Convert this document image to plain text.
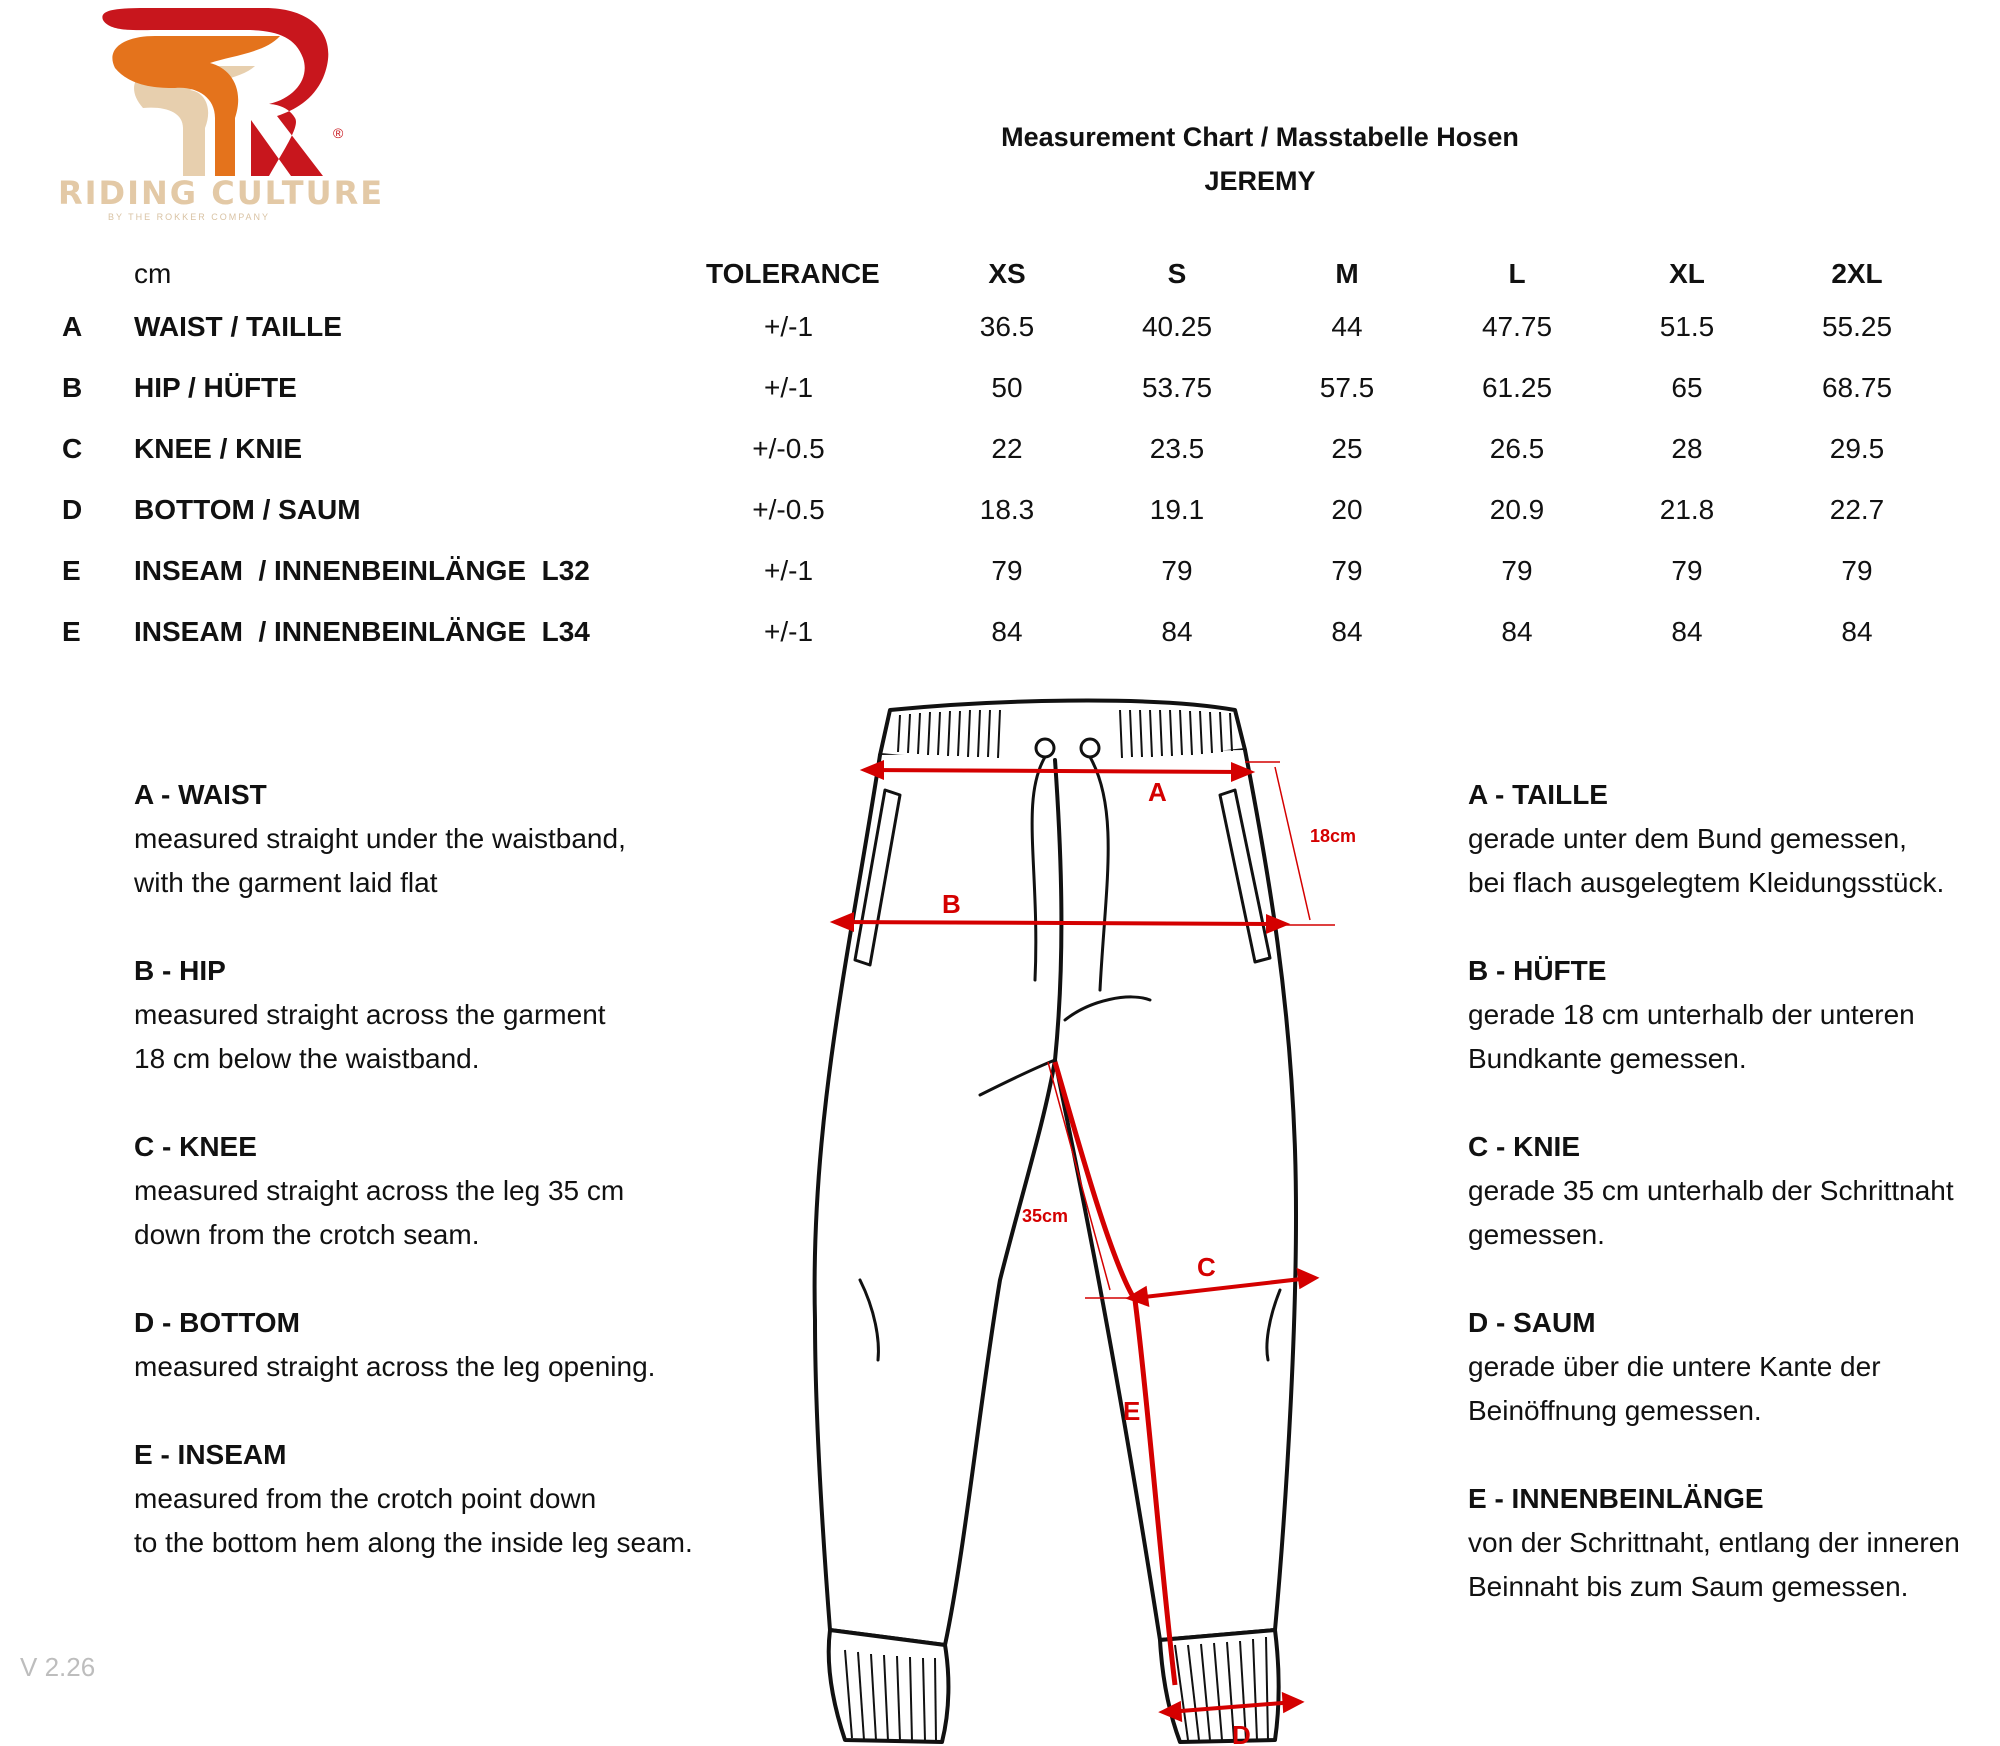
®
RIDING CULTURE
BY THE ROKKER COMPANY
Measurement Chart / Masstabelle Hosen
JEREMY
cm	TOLERANCE	XS	S	M	L	XL	2XL
A WAIST / TAILLE	+/-1	36.5	40.25	44	47.75	51.5	55.25
B HIP / HÜFTE	+/-1	50	53.75	57.5	61.25	65	68.75
C KNEE / KNIE	+/-0.5	22	23.5	25	26.5	28	29.5
D BOTTOM / SAUM	+/-0.5	18.3	19.1	20	20.9	21.8	22.7
E INSEAM  / INNENBEINLÄNGE  L32	+/-1	79	79	79	79	79	79
E INSEAM  / INNENBEINLÄNGE  L34	+/-1	84	84	84	84	84	84
A - WAIST
measured straight under the waistband,
with the garment laid flat
B - HIP
measured straight across the garment
18 cm below the waistband.
C - KNEE
measured straight across the leg 35 cm
down from the crotch seam.
D - BOTTOM
measured straight across the leg opening.
E - INSEAM
measured from the crotch point down
to the bottom hem along the inside leg seam.
A - TAILLE
gerade unter dem Bund gemessen,
bei flach ausgelegtem Kleidungsstück.
B - HÜFTE
gerade 18 cm unterhalb der unteren
Bundkante gemessen.
C - KNIE
gerade 35 cm unterhalb der Schrittnaht
gemessen.
D - SAUM
gerade über die untere Kante der
Beinöffnung gemessen.
E - INNENBEINLÄNGE
von der Schrittnaht, entlang der inneren
Beinnaht bis zum Saum gemessen.
A
B
C
E
D
18cm
35cm
V 2.26
